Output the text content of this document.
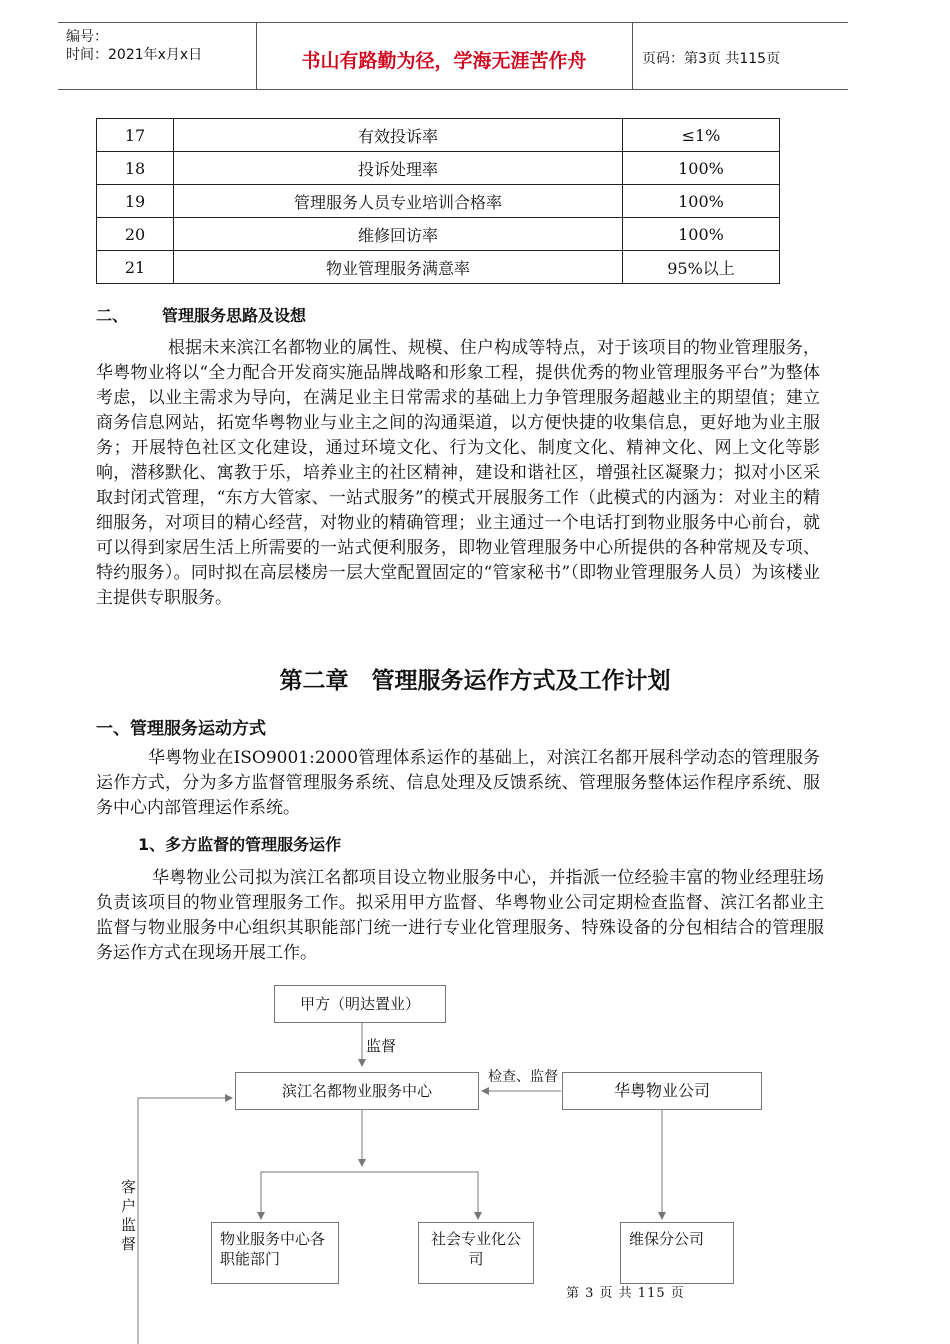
编号：
时间：2021年x月x日	书山有路勤为径，学海无涯苦作舟	页码：第3页 共115页
17	有效投诉率	≤1%
18	投诉处理率	100%
19	管理服务人员专业培训合格率	100%
20	维修回访率	100%
21	物业管理服务满意率	95%以上
二、 管理服务思路及设想
根据未来滨江名都物业的属性、规模、住户构成等特点，对于该项目的物业管理服务，华粤物业将以“全力配合开发商实施品牌战略和形象工程，提供优秀的物业管理服务平台”为整体考虑，以业主需求为导向，在满足业主日常需求的基础上力争管理服务超越业主的期望值；建立商务信息网站，拓宽华粤物业与业主之间的沟通渠道，以方便快捷的收集信息，更好地为业主服务；开展特色社区文化建设，通过环境文化、行为文化、制度文化、精神文化、网上文化等影响，潜移默化、寓教于乐，培养业主的社区精神，建设和谐社区，增强社区凝聚力；拟对小区采取封闭式管理，“东方大管家、一站式服务”的模式开展服务工作（此模式的内涵为：对业主的精细服务，对项目的精心经营，对物业的精确管理；业主通过一个电话打到物业服务中心前台，就可以得到家居生活上所需要的一站式便利服务，即物业管理服务中心所提供的各种常规及专项、特约服务）。同时拟在高层楼房一层大堂配置固定的“管家秘书”（即物业管理服务人员）为该楼业主提供专职服务。
第二章　管理服务运作方式及工作计划
一、管理服务运动方式
华粤物业在ISO9001:2000管理体系运作的基础上，对滨江名都开展科学动态的管理服务运作方式，分为多方监督管理服务系统、信息处理及反馈系统、管理服务整体运作程序系统、服务中心内部管理运作系统。
1、多方监督的管理服务运作
华粤物业公司拟为滨江名都项目设立物业服务中心，并指派一位经验丰富的物业经理驻场负责该项目的物业管理服务工作。拟采用甲方监督、华粤物业公司定期检查监督、滨江名都业主监督与物业服务中心组织其职能部门统一进行专业化管理服务、特殊设备的分包相结合的管理服务运作方式在现场开展工作。
甲方（明达置业）
监督
滨江名都物业服务中心
检查、监督
华粤物业公司
客户监督	物业服务中心各职能部门
社会专业化公司
维保分公司
第 3 页 共 115 页
